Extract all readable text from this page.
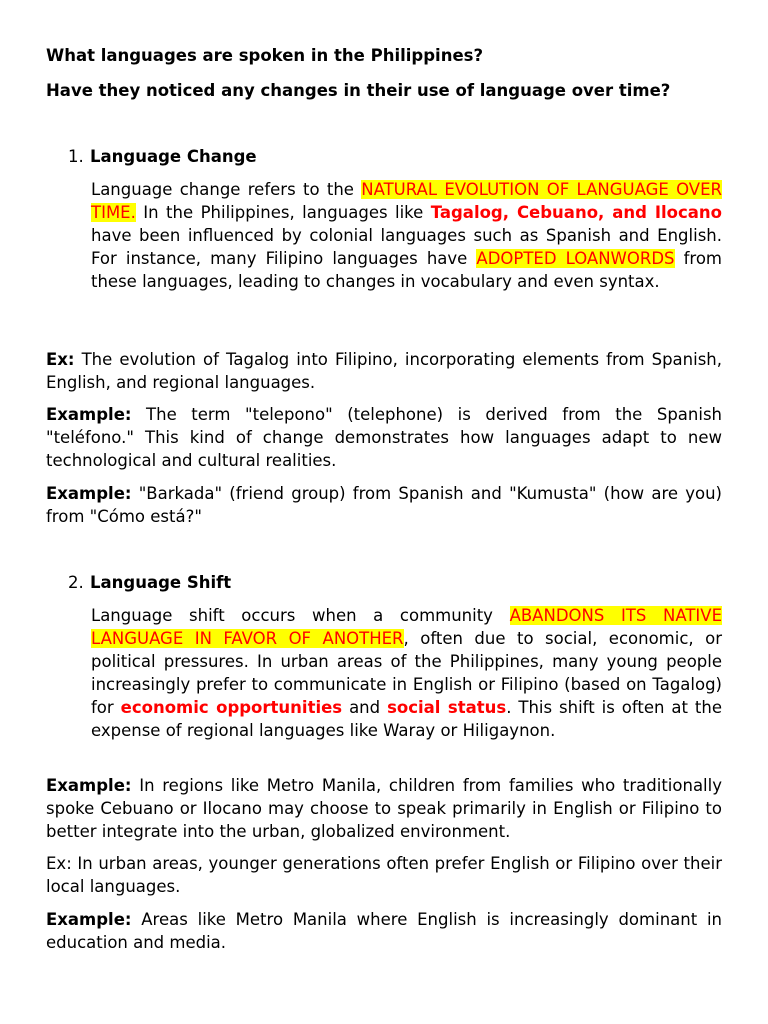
What languages are spoken in the Philippines?

Have they noticed any changes in their use of language over time?

1. Language Change

Language change refers to the NATURAL EVOLUTION OF LANGUAGE OVER TIME. In the Philippines, languages like Tagalog, Cebuano, and Ilocano have been influenced by colonial languages such as Spanish and English. For instance, many Filipino languages have ADOPTED LOANWORDS from these languages, leading to changes in vocabulary and even syntax.

Ex: The evolution of Tagalog into Filipino, incorporating elements from Spanish, English, and regional languages.

Example: The term "telepono" (telephone) is derived from the Spanish "teléfono." This kind of change demonstrates how languages adapt to new technological and cultural realities.

Example: "Barkada" (friend group) from Spanish and "Kumusta" (how are you) from "Cómo está?"

2. Language Shift

Language shift occurs when a community ABANDONS ITS NATIVE LANGUAGE IN FAVOR OF ANOTHER, often due to social, economic, or political pressures. In urban areas of the Philippines, many young people increasingly prefer to communicate in English or Filipino (based on Tagalog) for economic opportunities and social status. This shift is often at the expense of regional languages like Waray or Hiligaynon.

Example: In regions like Metro Manila, children from families who traditionally spoke Cebuano or Ilocano may choose to speak primarily in English or Filipino to better integrate into the urban, globalized environment.

Ex: In urban areas, younger generations often prefer English or Filipino over their local languages.

Example: Areas like Metro Manila where English is increasingly dominant in education and media.
